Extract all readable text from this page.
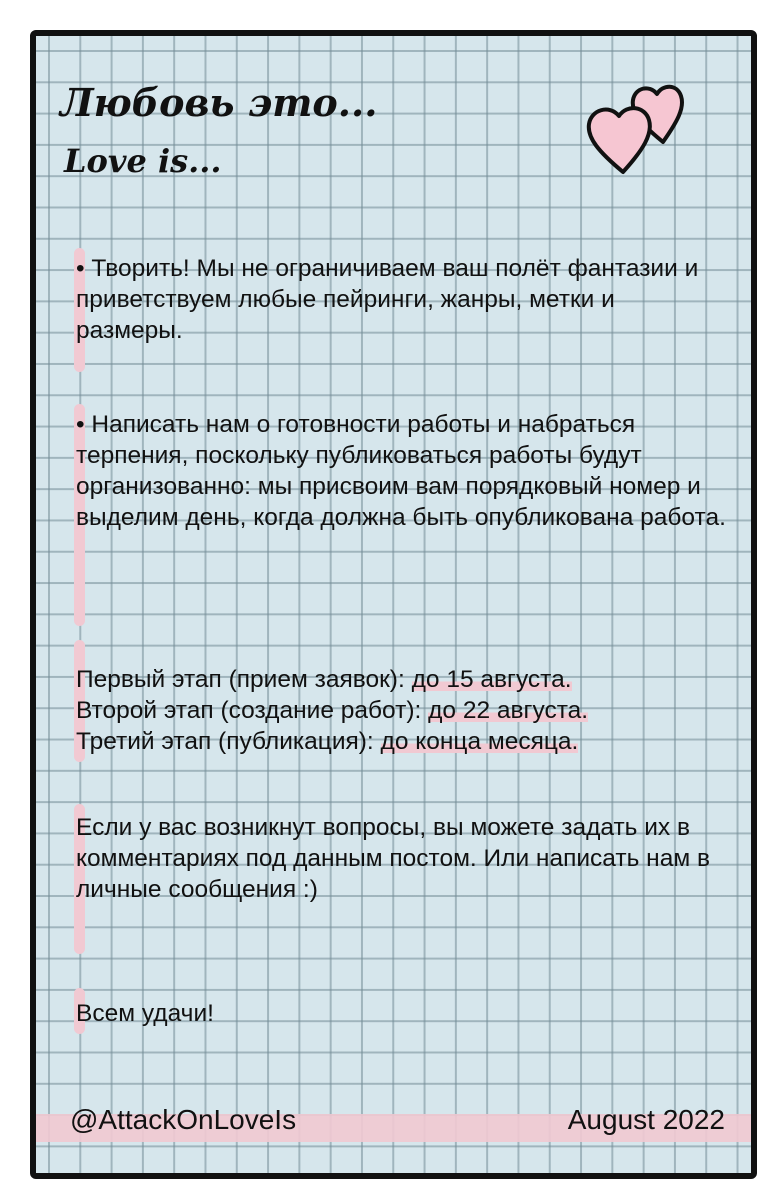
Любовь это...
Love is...

• Творить! Мы не ограничиваем ваш полёт фантазии и приветствуем любые пейринги, жанры, метки и размеры.

• Написать нам о готовности работы и набраться терпения, поскольку публиковаться работы будут организованно: мы присвоим вам порядковый номер и выделим день, когда должна быть опубликована работа.

Первый этап (прием заявок): до 15 августа.

Второй этап (создание работ): до 22 августа.

Третий этап (публикация): до конца месяца.

Если у вас возникнут вопросы, вы можете задать их в комментариях под данным постом. Или написать нам в личные сообщения :)

Всем удачи!

@AttackOnLoveIs	August 2022
